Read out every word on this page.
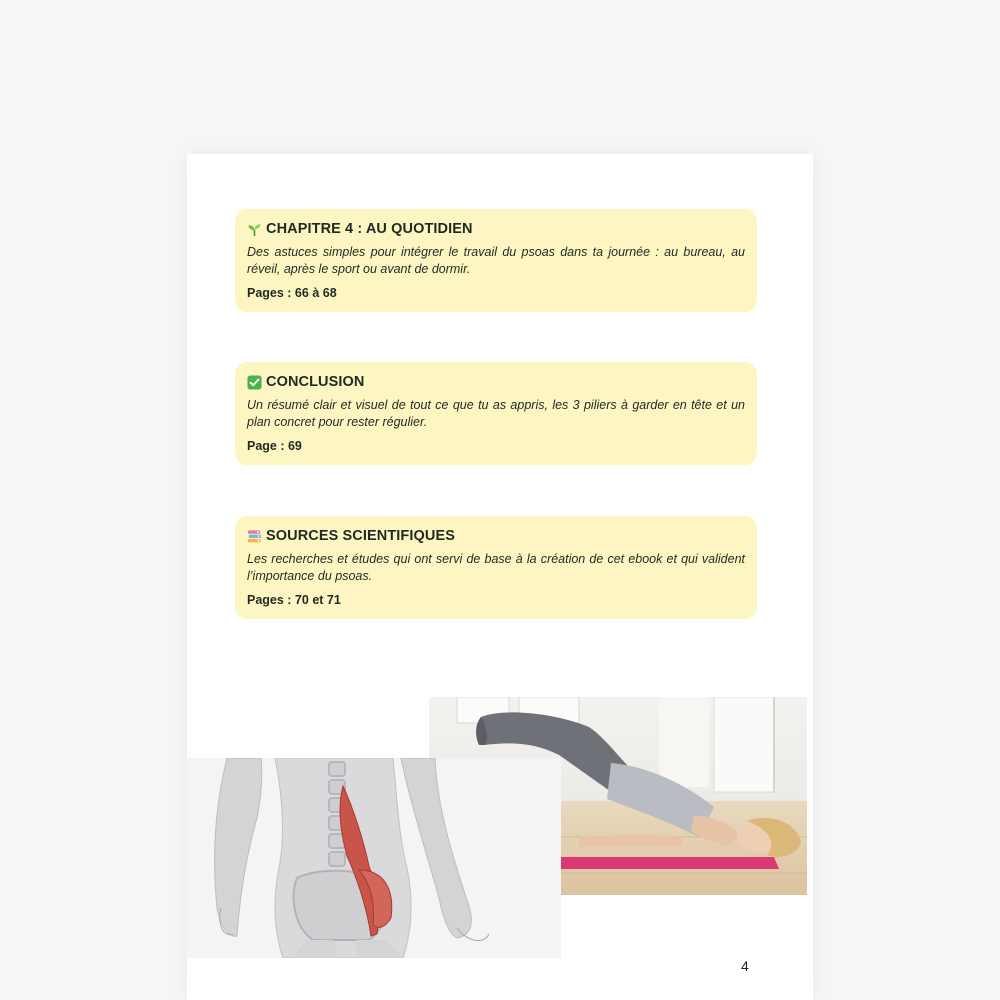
CHAPITRE 4 : AU QUOTIDIEN

Des astuces simples pour intégrer le travail du psoas dans ta journée : au bureau, au réveil, après le sport ou avant de dormir.

Pages : 66 à 68

CONCLUSION

Un résumé clair et visuel de tout ce que tu as appris, les 3 piliers à garder en tête et un plan concret pour rester régulier.

Page : 69

SOURCES SCIENTIFIQUES

Les recherches et études qui ont servi de base à la création de cet ebook et qui valident l’importance du psoas.

Pages : 70 et 71

4
